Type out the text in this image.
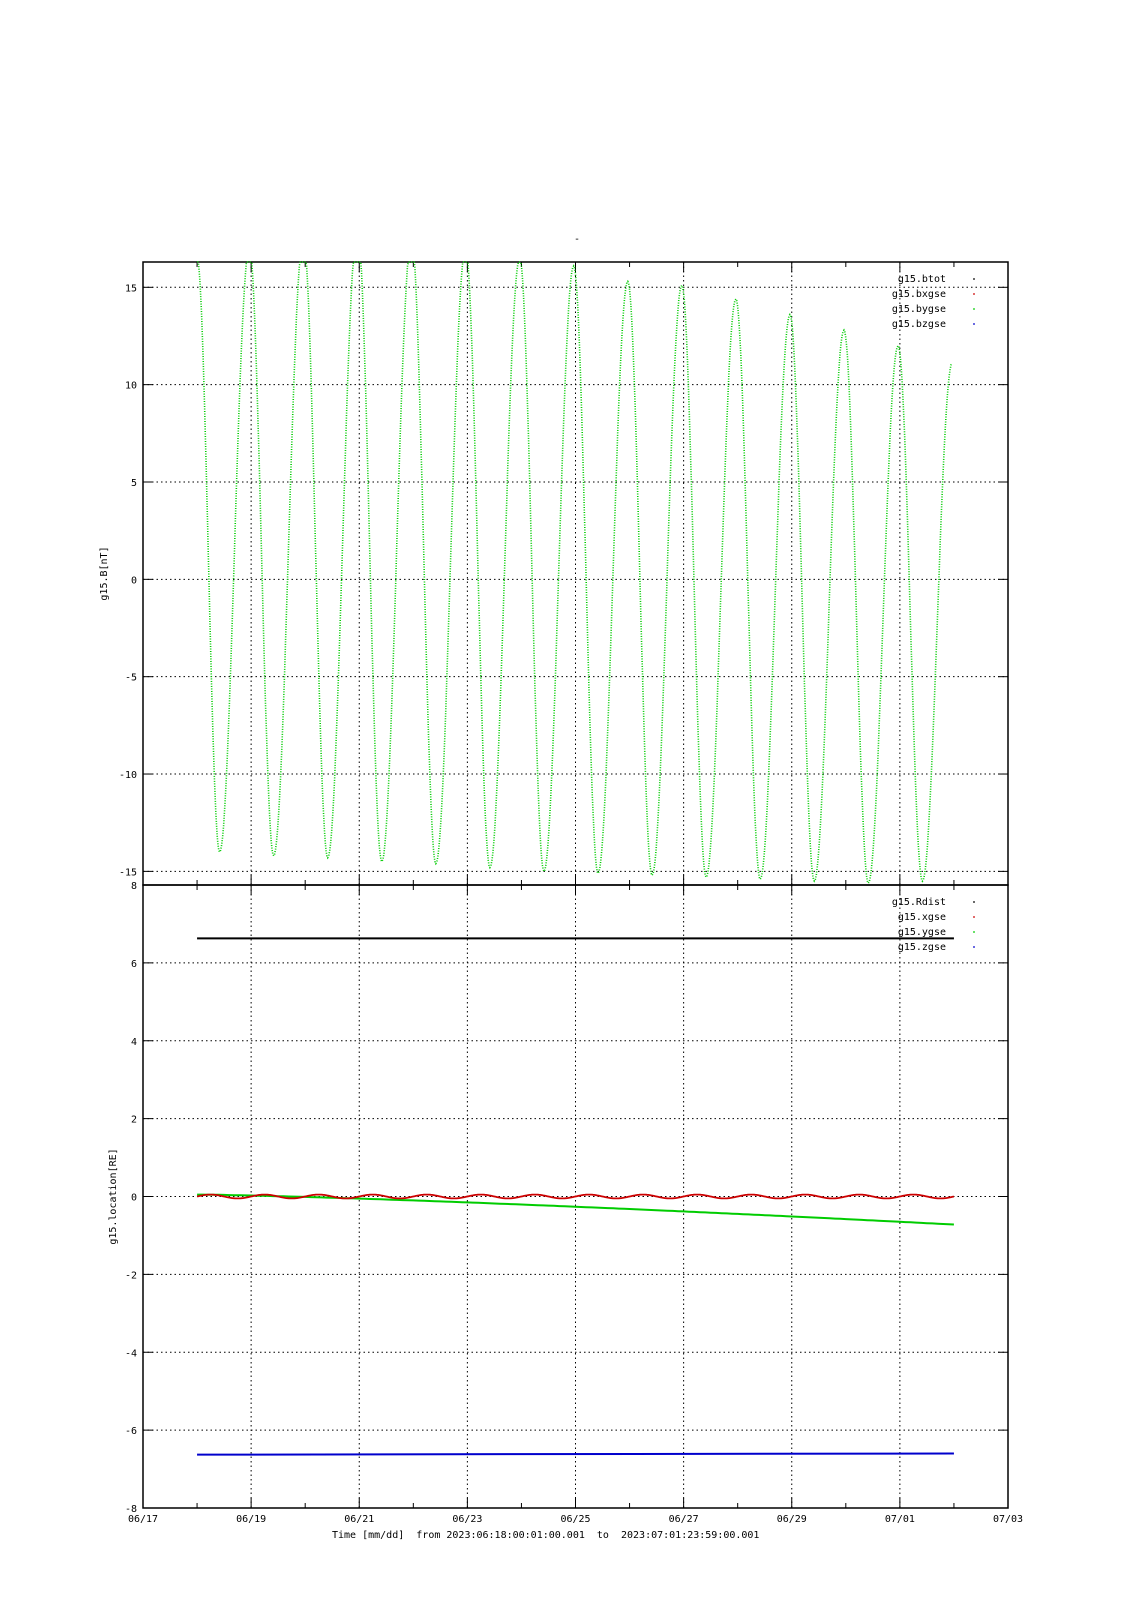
15
10
5
0
-5
-10
-15
g15.B[nT]
g15.btot
g15.bxgse
g15.bygse
g15.bzgse
8
6
4
2
0
-2
-4
-6
-8
g15.location[RE]
g15.Rdist
g15.xgse
g15.ygse
g15.zgse
06/17	06/19	06/21	06/23	06/25	06/27	06/29	07/01	07/03
-
Time [mm/dd]  from 2023:06:18:00:01:00.001  to  2023:07:01:23:59:00.001
